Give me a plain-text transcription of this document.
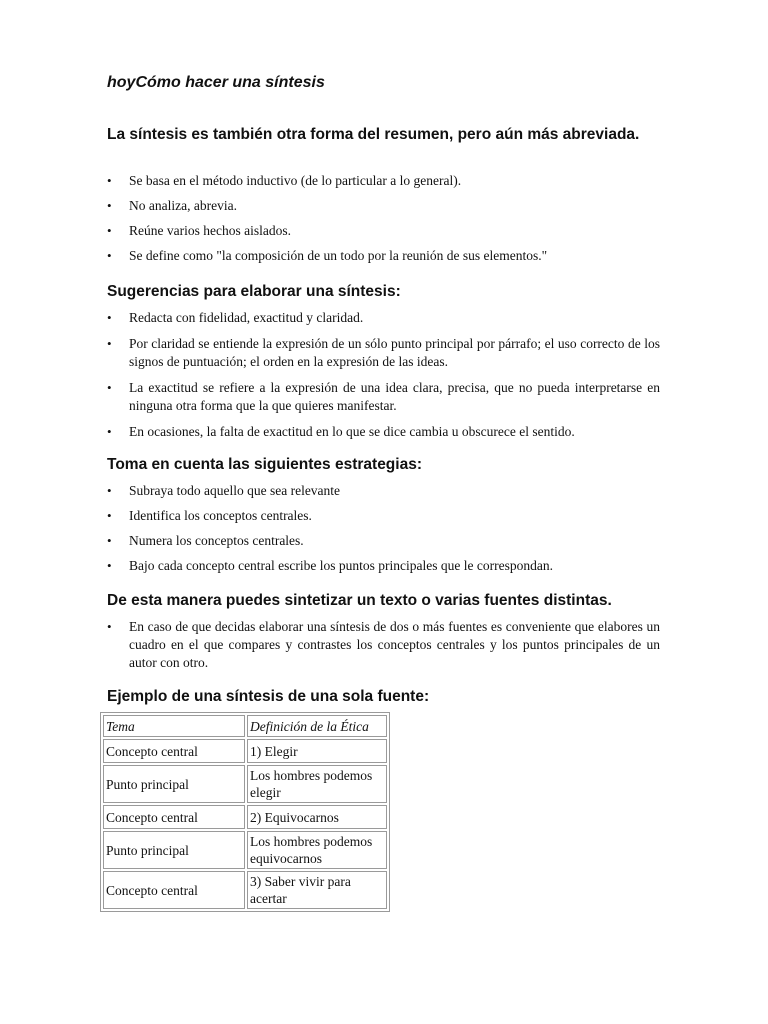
hoyCómo hacer una síntesis

La síntesis es también otra forma del resumen, pero aún más abreviada.

• Se basa en el método inductivo (de lo particular a lo general).
• No analiza, abrevia.
• Reúne varios hechos aislados.
• Se define como "la composición de un todo por la reunión de sus elementos."
Sugerencias para elaborar una síntesis:
• Redacta con fidelidad, exactitud y claridad.
• Por claridad se entiende la expresión de un sólo punto principal por párrafo; el uso correcto de los signos de puntuación; el orden en la expresión de las ideas.
• La exactitud se refiere a la expresión de una idea clara, precisa, que no pueda interpretarse en ninguna otra forma que la que quieres manifestar.
• En ocasiones, la falta de exactitud en lo que se dice cambia u obscurece el sentido.
Toma en cuenta las siguientes estrategias:
• Subraya todo aquello que sea relevante
• Identifica los conceptos centrales.
• Numera los conceptos centrales.
• Bajo cada concepto central escribe los puntos principales que le correspondan.
De esta manera puedes sintetizar un texto o varias fuentes distintas.
• En caso de que decidas elaborar una síntesis de dos o más fuentes es conveniente que elabores un cuadro en el que compares y contrastes los conceptos centrales y los puntos principales de un autor con otro.
Ejemplo de una síntesis de una sola fuente:
Tema	Definición de la Ética
Concepto central	1) Elegir
Punto principal	Los hombres podemos elegir
Concepto central	2) Equivocarnos
Punto principal	Los hombres podemos equivocarnos
Concepto central	3) Saber vivir para acertar
